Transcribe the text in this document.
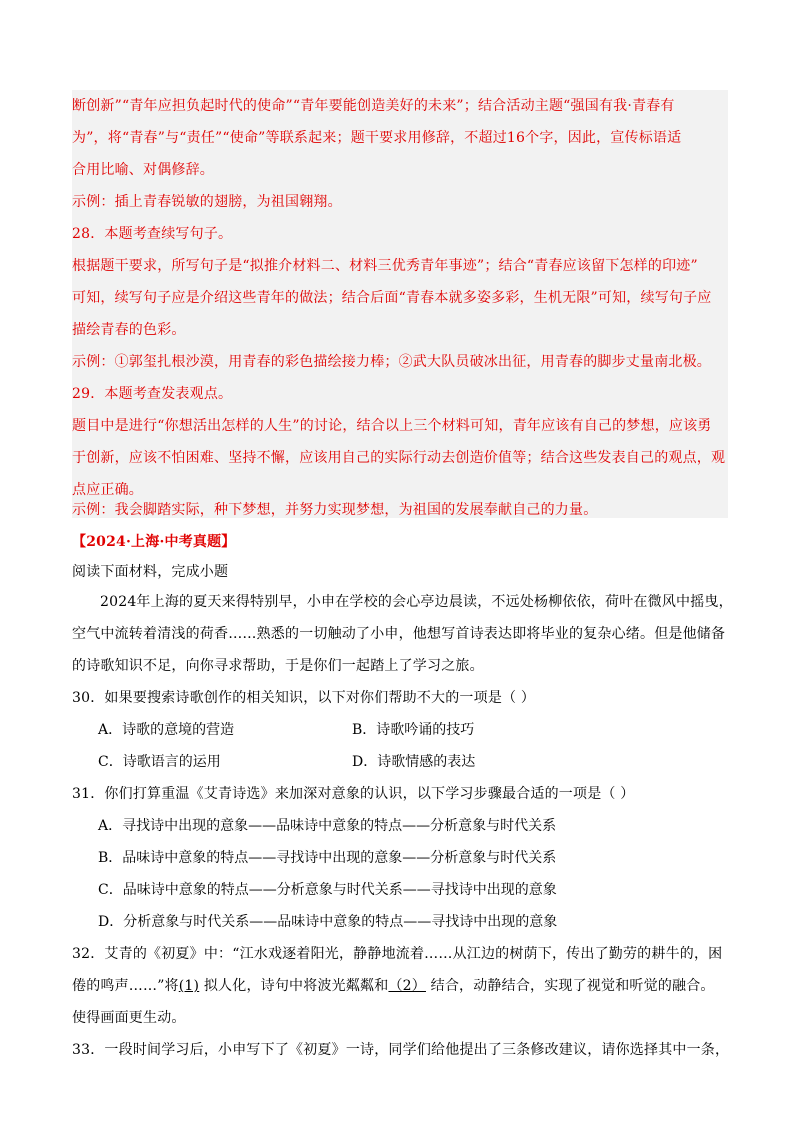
断创新”“青年应担负起时代的使命”“青年要能创造美好的未来”；结合活动主题“强国有我·青春有
为”，将“青春”与“责任”“使命”等联系起来；题干要求用修辞，不超过16个字，因此，宣传标语适
合用比喻、对偶修辞。
示例：插上青春锐敏的翅膀，为祖国翱翔。
28．本题考查续写句子。
根据题干要求，所写句子是“拟推介材料二、材料三优秀青年事迹”；结合“青春应该留下怎样的印迹”
可知，续写句子应是介绍这些青年的做法；结合后面“青春本就多姿多彩，生机无限”可知，续写句子应
描绘青春的色彩。
示例：①郭玺扎根沙漠，用青春的彩色描绘接力棒；②武大队员破冰出征，用青春的脚步丈量南北极。
29．本题考查发表观点。
题目中是进行“你想活出怎样的人生”的讨论，结合以上三个材料可知，青年应该有自己的梦想，应该勇
于创新，应该不怕困难、坚持不懈，应该用自己的实际行动去创造价值等；结合这些发表自己的观点，观
点应正确。
示例：我会脚踏实际，种下梦想，并努力实现梦想，为祖国的发展奉献自己的力量。
【2024·上海·中考真题】
阅读下面材料，完成小题
2024年上海的夏天来得特别早，小申在学校的会心亭边晨读，不远处杨柳依依，荷叶在微风中摇曳，
空气中流转着清浅的荷香……熟悉的一切触动了小申，他想写首诗表达即将毕业的复杂心绪。但是他储备
的诗歌知识不足，向你寻求帮助，于是你们一起踏上了学习之旅。
30．如果要搜索诗歌创作的相关知识，以下对你们帮助不大的一项是（ ）
A．诗歌的意境的营造	B．诗歌吟诵的技巧
C．诗歌语言的运用	D．诗歌情感的表达
31．你们打算重温《艾青诗选》来加深对意象的认识，以下学习步骤最合适的一项是（ ）
A．寻找诗中出现的意象——品味诗中意象的特点——分析意象与时代关系
B．品味诗中意象的特点——寻找诗中出现的意象——分析意象与时代关系
C．品味诗中意象的特点——分析意象与时代关系——寻找诗中出现的意象
D．分析意象与时代关系——品味诗中意象的特点——寻找诗中出现的意象
32．艾青的《初夏》中：“江水戏逐着阳光，静静地流着……从江边的树荫下，传出了勤劳的耕牛的，困
倦的鸣声……”将(1) 拟人化，诗句中将波光粼粼和（2） 结合，动静结合，实现了视觉和听觉的融合。
使得画面更生动。
33．一段时间学习后，小申写下了《初夏》一诗，同学们给他提出了三条修改建议，请你选择其中一条，
